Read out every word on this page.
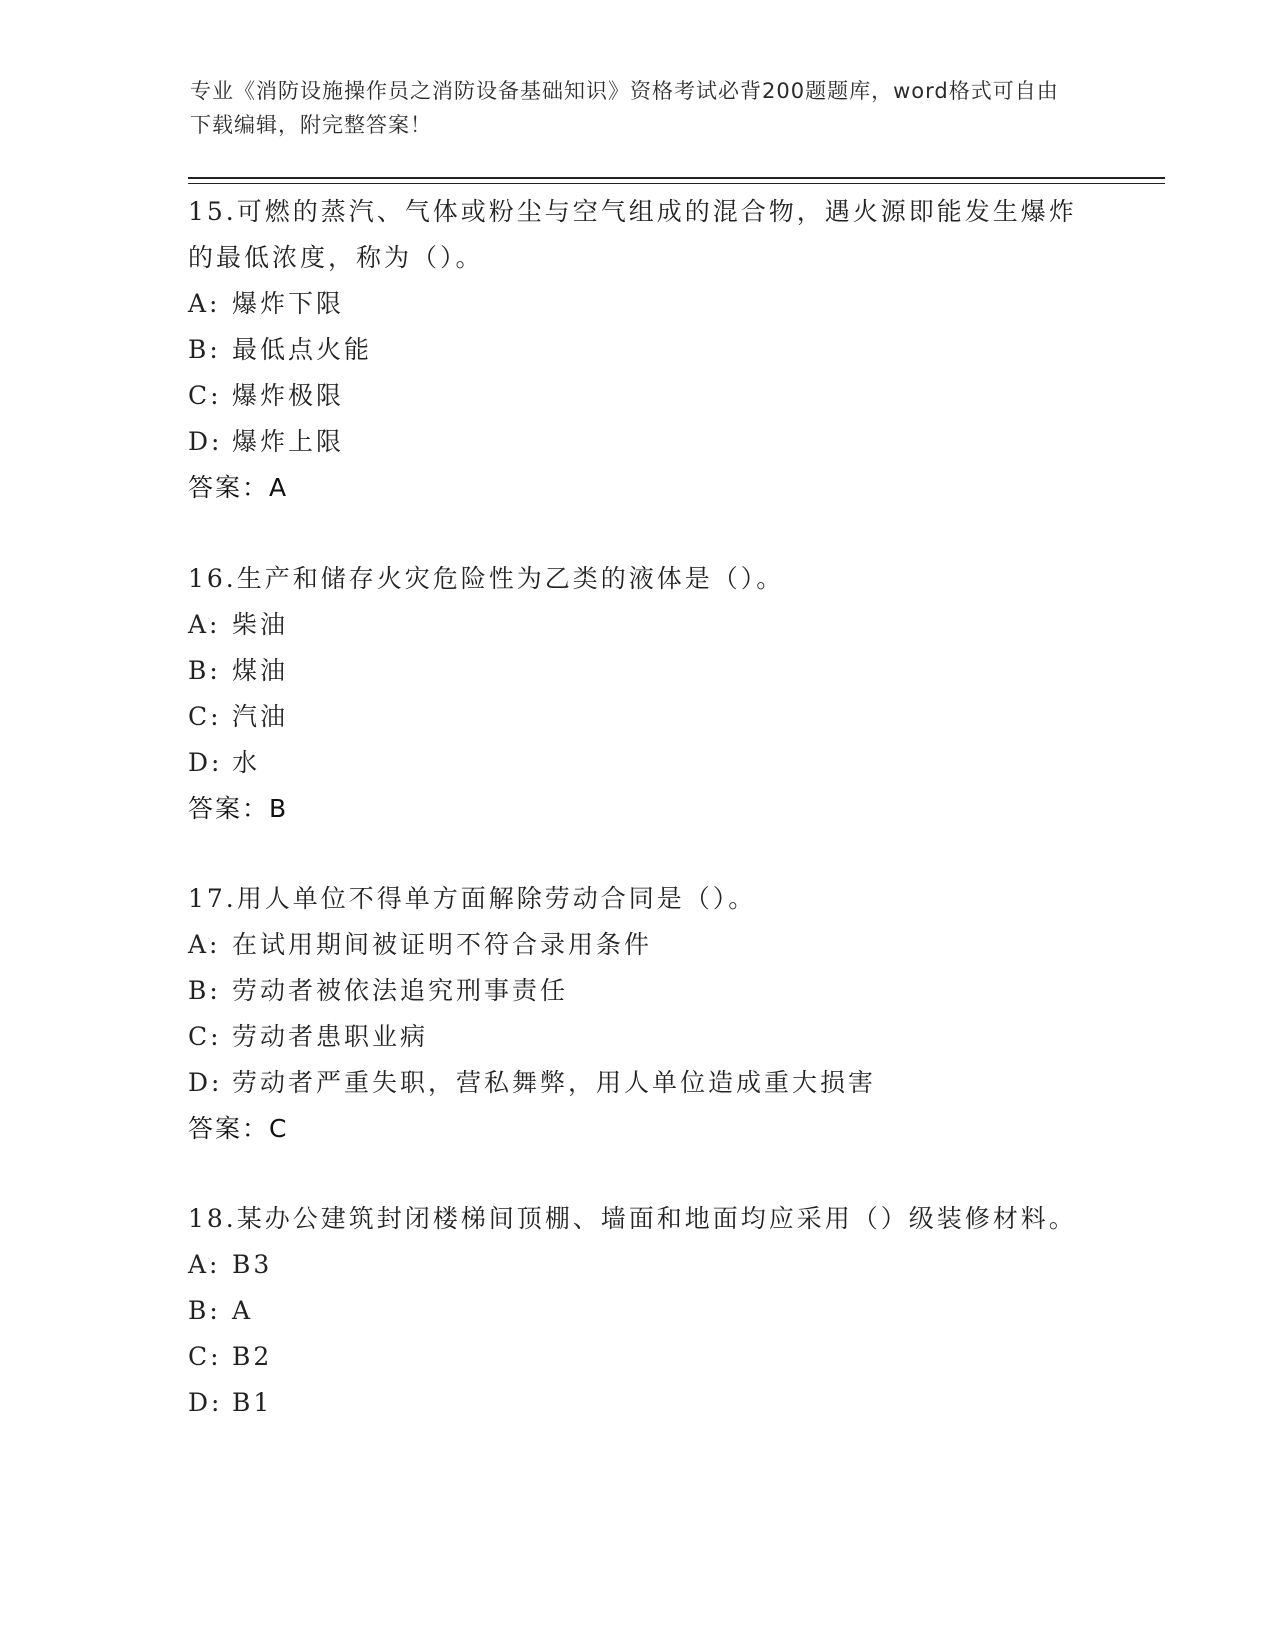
专业《消防设施操作员之消防设备基础知识》资格考试必背200题题库，word格式可自由下载编辑，附完整答案！
15.可燃的蒸汽、气体或粉尘与空气组成的混合物，遇火源即能发生爆炸的最低浓度，称为（）。
A: 爆炸下限
B: 最低点火能
C: 爆炸极限
D: 爆炸上限
答案：A
16.生产和储存火灾危险性为乙类的液体是（）。
A: 柴油
B: 煤油
C: 汽油
D: 水
答案：B
17.用人单位不得单方面解除劳动合同是（）。
A: 在试用期间被证明不符合录用条件
B: 劳动者被依法追究刑事责任
C: 劳动者患职业病
D: 劳动者严重失职，营私舞弊，用人单位造成重大损害
答案：C
18.某办公建筑封闭楼梯间顶棚、墙面和地面均应采用（）级装修材料。
A: B3
B: A
C: B2
D: B1
